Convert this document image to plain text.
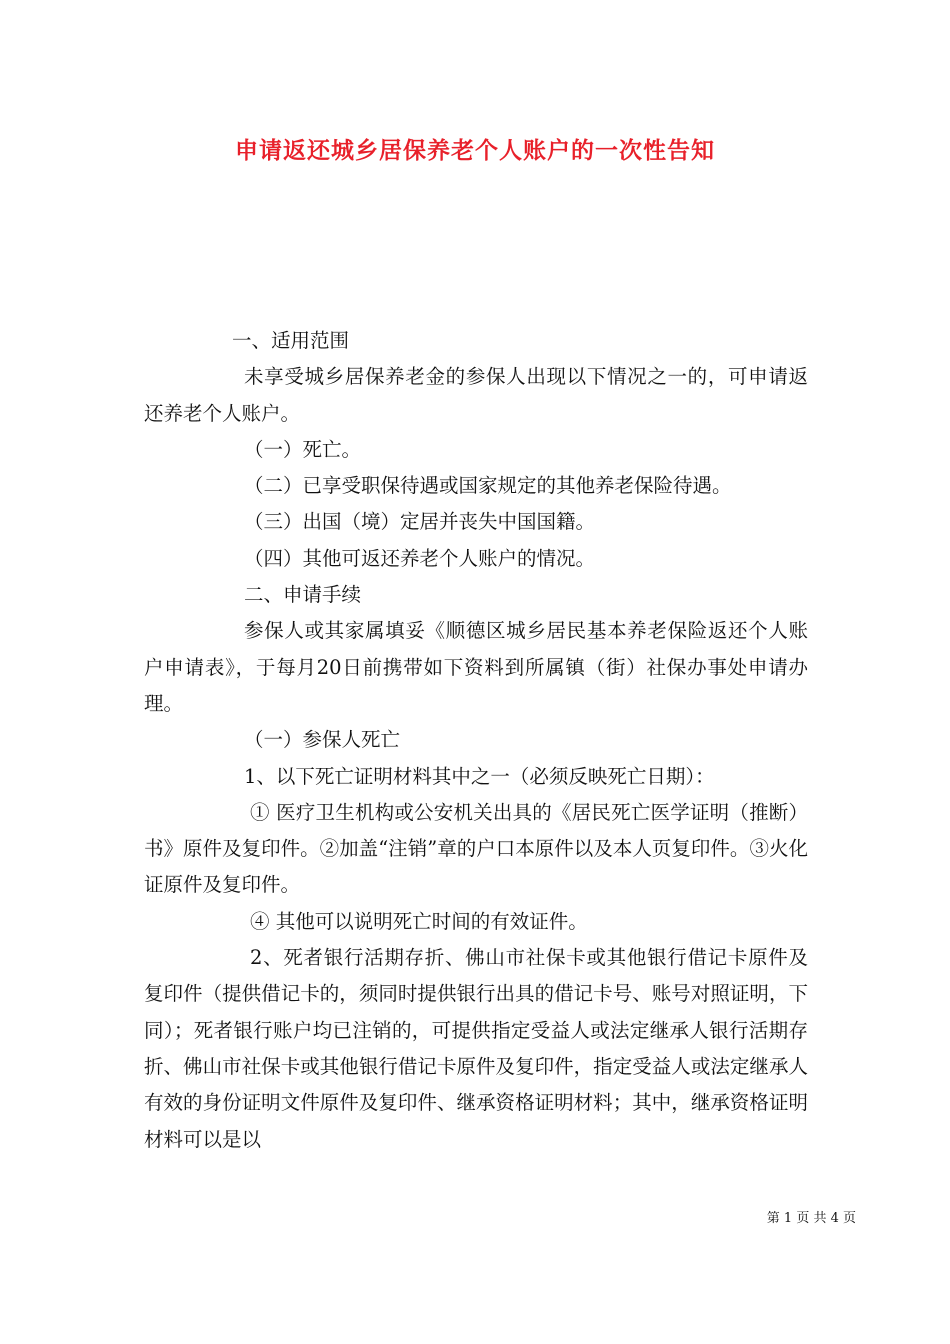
申请返还城乡居保养老个人账户的一次性告知

一、适用范围

未享受城乡居保养老金的参保人出现以下情况之一的，可申请返还养老个人账户。

（一）死亡。

（二）已享受职保待遇或国家规定的其他养老保险待遇。

（三）出国（境）定居并丧失中国国籍。

（四）其他可返还养老个人账户的情况。

二、申请手续

参保人或其家属填妥《顺德区城乡居民基本养老保险返还个人账户申请表》，于每月20日前携带如下资料到所属镇（街）社保办事处申请办理。

（一）参保人死亡

1、以下死亡证明材料其中之一（必须反映死亡日期）：

① 医疗卫生机构或公安机关出具的《居民死亡医学证明（推断）书》原件及复印件。②加盖“注销”章的户口本原件以及本人页复印件。③火化证原件及复印件。

④ 其他可以说明死亡时间的有效证件。

2、死者银行活期存折、佛山市社保卡或其他银行借记卡原件及复印件（提供借记卡的，须同时提供银行出具的借记卡号、账号对照证明，下同）；死者银行账户均已注销的，可提供指定受益人或法定继承人银行活期存折、佛山市社保卡或其他银行借记卡原件及复印件，指定受益人或法定继承人有效的身份证明文件原件及复印件、继承资格证明材料；其中，继承资格证明材料可以是以

第 1 页 共 4 页
